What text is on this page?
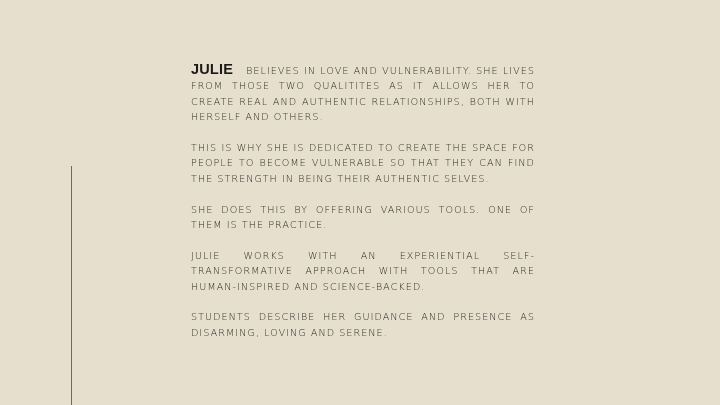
JULIE BELIEVES IN LOVE AND VULNERABILITY. SHE LIVES FROM THOSE TWO QUALITITES AS IT ALLOWS HER TO CREATE REAL AND AUTHENTIC RELATIONSHIPS, BOTH WITH HERSELF AND OTHERS.

THIS IS WHY SHE IS DEDICATED TO CREATE THE SPACE FOR PEOPLE TO BECOME VULNERABLE SO THAT THEY CAN FIND THE STRENGTH IN BEING THEIR AUTHENTIC SELVES.

SHE DOES THIS BY OFFERING VARIOUS TOOLS. ONE OF THEM IS THE PRACTICE.

JULIE WORKS WITH AN EXPERIENTIAL SELF-TRANSFORMATIVE APPROACH WITH TOOLS THAT ARE HUMAN-INSPIRED AND SCIENCE-BACKED.

STUDENTS DESCRIBE HER GUIDANCE AND PRESENCE AS DISARMING, LOVING AND SERENE.
